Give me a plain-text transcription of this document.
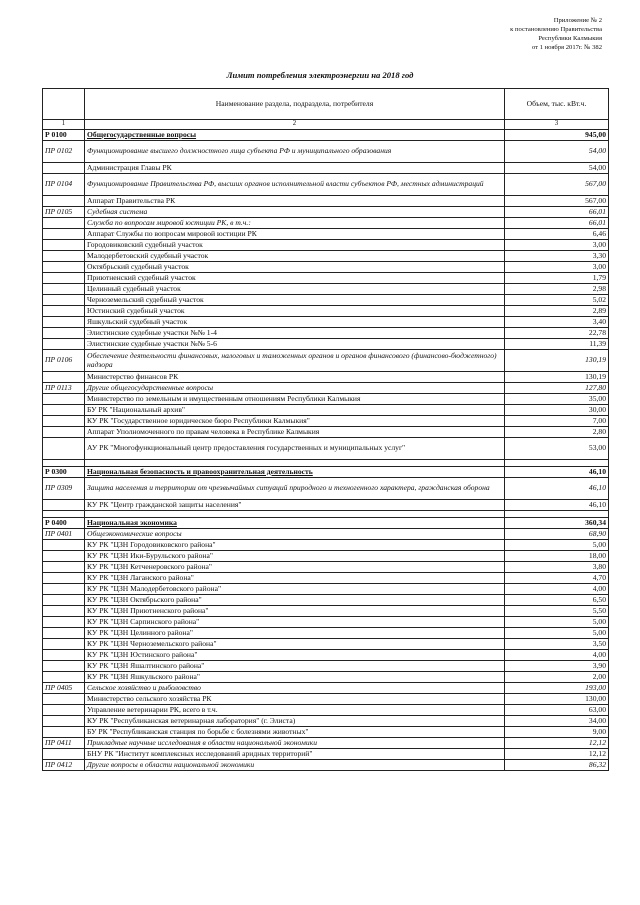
Приложение № 2
к постановлению Правительства
Республики Калмыкия
от 1 ноября 2017г. № 382
Лимит потребления электроэнергии на 2018 год
	Наименование раздела, подраздела, потребителя	Объем, тыс. кВт.ч.
1	2	3
Р 0100	Общегосударственные вопросы	945,00
ПР 0102	Функционирование высшего должностного лица субъекта РФ и муниципального образования	54,00
	Администрация Главы РК	54,00
ПР 0104	Функционирование Правительства РФ, высших органов исполнительной власти субъектов РФ, местных администраций	567,00
	Аппарат Правительства РК	567,00
ПР 0105	Судебная система	66,01
	Служба по вопросам мировой юстиции РК, в т.ч.:	66,01
	Аппарат Службы по вопросам мировой юстиции РК	6,46
	Городовиковский судебный участок	3,00
	Малодербетовский судебный участок	3,30
	Октябрьский судебный участок	3,00
	Приютненский судебный участок	1,79
	Целинный судебный участок	2,98
	Черноземельский судебный участок	5,02
	Юстинский судебный участок	2,89
	Яшкульский судебный участок	3,40
	Элистинские судебные участки №№ 1-4	22,78
	Элистинские судебные участки №№ 5-6	11,39
ПР 0106	Обеспечение деятельности финансовых, налоговых и таможенных органов и органов финансового (финансово-бюджетного) надзора	130,19
	Министерство финансов РК	130,19
ПР 0113	Другие общегосударственные вопросы	127,80
	Министерство по земельным и имущественным отношениям Республики Калмыкия	35,00
	БУ РК "Национальный архив"	30,00
	КУ РК "Государственное юридическое бюро Республики Калмыкия"	7,00
	Аппарат Уполномоченного по правам человека в Республике Калмыкия	2,80
	АУ РК "Многофункциональный центр предоставления государственных и муниципальных услуг"	53,00

Р 0300	Национальная безопасность и правоохранительная деятельность	46,10
ПР 0309	Защита населения и территории от чрезвычайных ситуаций природного и техногенного характера, гражданская оборона	46,10
	КУ РК "Центр гражданской защиты населения"	46,10

Р 0400	Национальная экономика	360,34
ПР 0401	Общеэкономические вопросы	68,90
	КУ РК "ЦЗН Городовиковского района"	5,00
	КУ РК "ЦЗН Ики-Бурульского района"	18,00
	КУ РК "ЦЗН Кетченеровского района"	3,80
	КУ РК "ЦЗН Лаганского района"	4,70
	КУ РК "ЦЗН Малодербетовского района"	4,00
	КУ РК "ЦЗН Октябрьского района"	6,50
	КУ РК "ЦЗН Приютненского района"	5,50
	КУ РК "ЦЗН Сарпинского района"	5,00
	КУ РК "ЦЗН Целинного района"	5,00
	КУ РК "ЦЗН Черноземельского района"	3,50
	КУ РК "ЦЗН Юстинского района"	4,00
	КУ РК "ЦЗН Яшалтинского района"	3,90
	КУ РК "ЦЗН Яшкульского района"	2,00
ПР 0405	Сельское хозяйство и рыболовство	193,00
	Министерство сельского хозяйства РК	130,00
	Управление ветеринарии РК, всего в т.ч.	63,00
	КУ РК "Республиканская ветеринарная лаборатория" (г. Элиста)	34,00
	БУ РК "Республиканская станция по борьбе с болезнями животных"	9,00
ПР 0411	Прикладные научные исследования в области национальной экономики	12,12
	БНУ РК "Институт комплексных исследований аридных территорий"	12,12
ПР 0412	Другие вопросы в области национальной экономики	86,32
